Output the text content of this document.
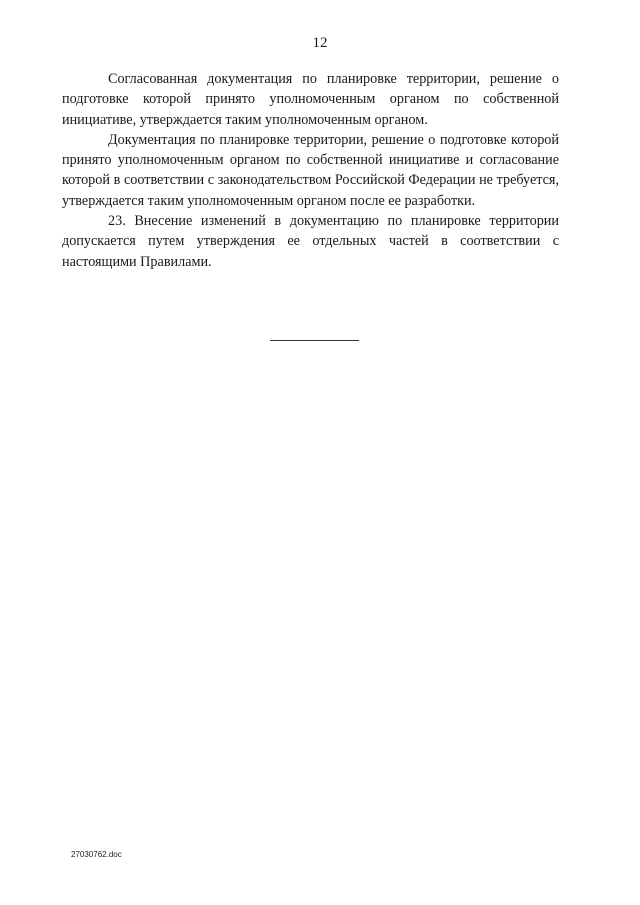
12

Согласованная документация по планировке территории, решение о подготовке которой принято уполномоченным органом по собственной инициативе, утверждается таким уполномоченным органом.

Документация по планировке территории, решение о подготовке которой принято уполномоченным органом по собственной инициативе и согласование которой в соответствии с законодательством Российской Федерации не требуется, утверждается таким уполномоченным органом после ее разработки.

23. Внесение изменений в документацию по планировке территории допускается путем утверждения ее отдельных частей в соответствии с настоящими Правилами.

27030762.doc
